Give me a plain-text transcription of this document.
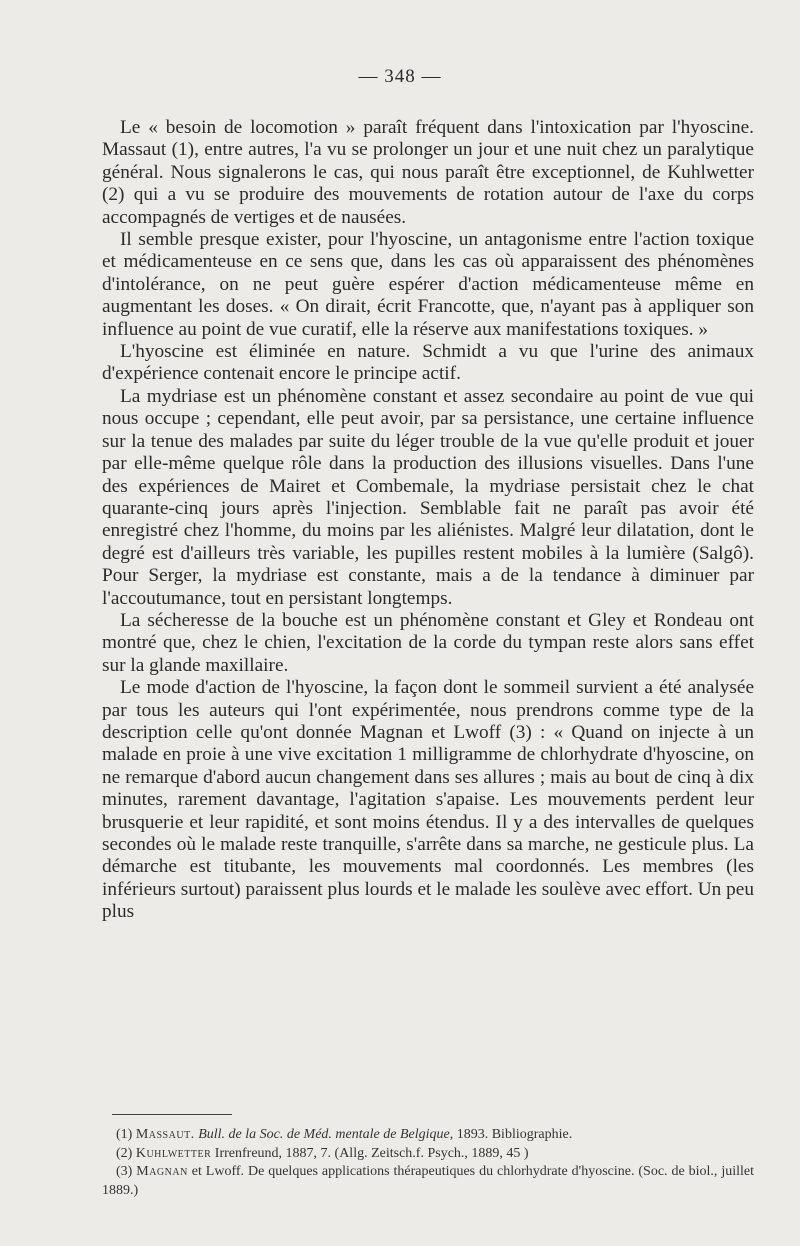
— 348 —

Le « besoin de locomotion » paraît fréquent dans l'intoxication par l'hyoscine. Massaut (1), entre autres, l'a vu se prolonger un jour et une nuit chez un paralytique général. Nous signalerons le cas, qui nous paraît être exceptionnel, de Kuhlwetter (2) qui a vu se produire des mouvements de rotation autour de l'axe du corps accompagnés de vertiges et de nausées.

Il semble presque exister, pour l'hyoscine, un antagonisme entre l'action toxique et médicamenteuse en ce sens que, dans les cas où apparaissent des phénomènes d'intolérance, on ne peut guère espérer d'action médicamenteuse même en augmentant les doses. « On dirait, écrit Francotte, que, n'ayant pas à appliquer son influence au point de vue curatif, elle la réserve aux manifestations toxiques. »

L'hyoscine est éliminée en nature. Schmidt a vu que l'urine des animaux d'expérience contenait encore le principe actif.

La mydriase est un phénomène constant et assez secondaire au point de vue qui nous occupe ; cependant, elle peut avoir, par sa persistance, une certaine influence sur la tenue des malades par suite du léger trouble de la vue qu'elle produit et jouer par elle-même quelque rôle dans la production des illusions visuelles. Dans l'une des expériences de Mairet et Combemale, la mydriase persistait chez le chat quarante-cinq jours après l'injection. Semblable fait ne paraît pas avoir été enregistré chez l'homme, du moins par les aliénistes. Malgré leur dilatation, dont le degré est d'ailleurs très variable, les pupilles restent mobiles à la lumière (Salgô). Pour Serger, la mydriase est constante, mais a de la tendance à diminuer par l'accoutumance, tout en persistant longtemps.

La sécheresse de la bouche est un phénomène constant et Gley et Rondeau ont montré que, chez le chien, l'excitation de la corde du tympan reste alors sans effet sur la glande maxillaire.

Le mode d'action de l'hyoscine, la façon dont le sommeil survient a été analysée par tous les auteurs qui l'ont expérimentée, nous prendrons comme type de la description celle qu'ont donnée Magnan et Lwoff (3) : « Quand on injecte à un malade en proie à une vive excitation 1 milligramme de chlorhydrate d'hyoscine, on ne remarque d'abord aucun changement dans ses allures ; mais au bout de cinq à dix minutes, rarement davantage, l'agitation s'apaise. Les mouvements perdent leur brusquerie et leur rapidité, et sont moins étendus. Il y a des intervalles de quelques secondes où le malade reste tranquille, s'arrête dans sa marche, ne gesticule plus. La démarche est titubante, les mouvements mal coordonnés. Les membres (les inférieurs surtout) paraissent plus lourds et le malade les soulève avec effort. Un peu plus

(1) Massaut. Bull. de la Soc. de Méd. mentale de Belgique, 1893. Bibliographie.

(2) Kuhlwetter Irrenfreund, 1887, 7. (Allg. Zeitsch.f. Psych., 1889, 45 )

(3) Magnan et Lwoff. De quelques applications thérapeutiques du chlorhydrate d'hyoscine. (Soc. de biol., juillet 1889.)
